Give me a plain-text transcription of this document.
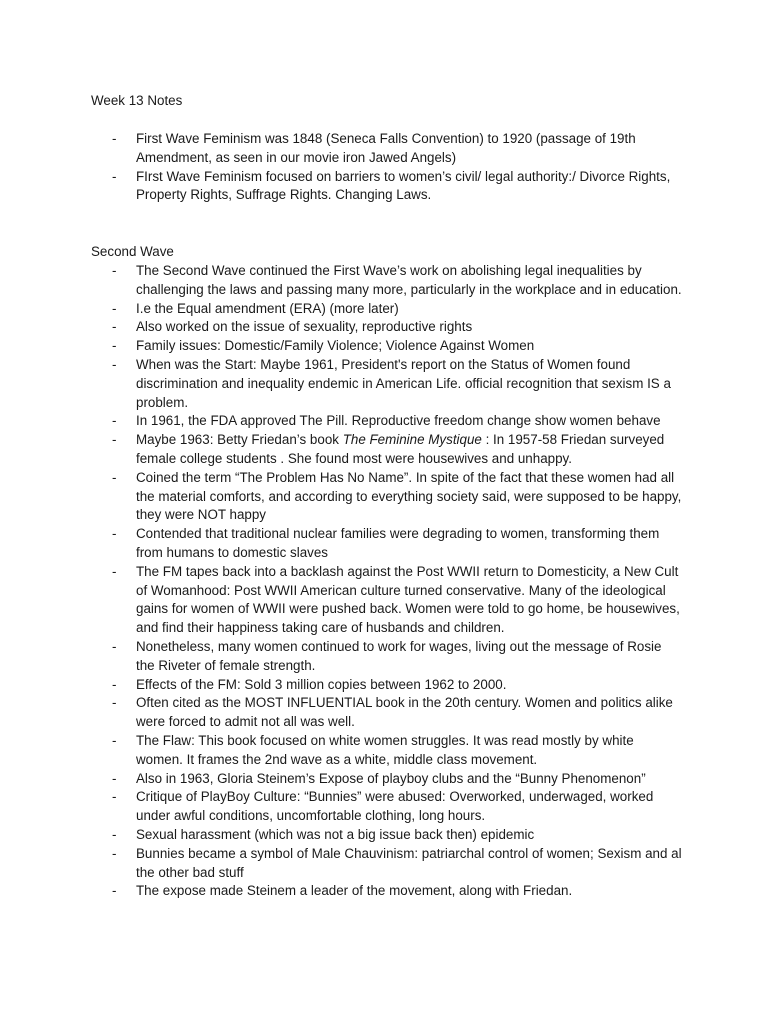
Week 13 Notes
- First Wave Feminism was 1848 (Seneca Falls Convention) to 1920 (passage of 19th Amendment, as seen in our movie iron Jawed Angels)
- FIrst Wave Feminism focused on barriers to women’s civil/ legal authority:/ Divorce Rights, Property Rights, Suffrage Rights. Changing Laws.
Second Wave
- The Second Wave continued the First Wave’s work on abolishing legal inequalities by challenging the laws and passing many more, particularly in the workplace and in education.
- I.e the Equal amendment (ERA) (more later)
- Also worked on the issue of sexuality, reproductive rights
- Family issues: Domestic/Family Violence; Violence Against Women
- When was the Start: Maybe 1961, President's report on the Status of Women found discrimination and inequality endemic in American Life. official recognition that sexism IS a problem.
- In 1961, the FDA approved The Pill. Reproductive freedom change show women behave
- Maybe 1963: Betty Friedan’s book The Feminine Mystique : In 1957-58 Friedan surveyed female college students . She found most were housewives and unhappy.
- Coined the term “The Problem Has No Name”. In spite of the fact that these women had all the material comforts, and according to everything society said, were supposed to be happy, they were NOT happy
- Contended that traditional nuclear families were degrading to women, transforming them from humans to domestic slaves
- The FM tapes back into a backlash against the Post WWII return to Domesticity, a New Cult of Womanhood: Post WWII American culture turned conservative. Many of the ideological gains for women of WWII were pushed back. Women were told to go home, be housewives, and find their happiness taking care of husbands and children.
- Nonetheless, many women continued to work for wages, living out the message of Rosie the Riveter of female strength.
- Effects of the FM: Sold 3 million copies between 1962 to 2000.
- Often cited as the MOST INFLUENTIAL book in the 20th century. Women and politics alike were forced to admit not all was well.
- The Flaw: This book focused on white women struggles. It was read mostly by white women. It frames the 2nd wave as a white, middle class movement.
- Also in 1963, Gloria Steinem’s Expose of playboy clubs and the “Bunny Phenomenon”
- Critique of PlayBoy Culture: “Bunnies” were abused: Overworked, underwaged, worked under awful conditions, uncomfortable clothing, long hours.
- Sexual harassment (which was not a big issue back then) epidemic
- Bunnies became a symbol of Male Chauvinism: patriarchal control of women; Sexism and al the other bad stuff
- The expose made Steinem a leader of the movement, along with Friedan.
